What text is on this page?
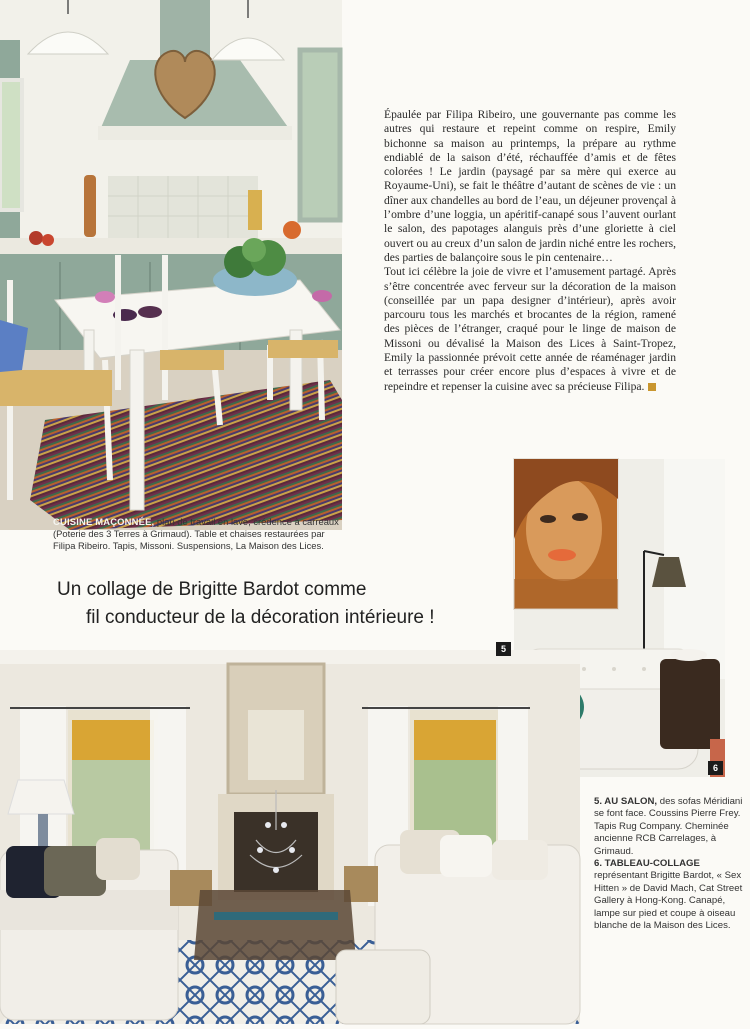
CUISINE MAÇONNÉE, plan de travail en lave, crédence à carreaux (Poterie des 3 Terres à Grimaud). Table et chaises restaurées par Filipa Ribeiro. Tapis, Missoni. Suspensions, La Maison des Lices.

Épaulée par Filipa Ribeiro, une gouvernante pas comme les autres qui restaure et repeint comme on respire, Emily bichonne sa maison au printemps, la prépare au rythme endiablé de la saison d’été, réchauffée d’amis et de fêtes colorées ! Le jardin (paysagé par sa mère qui exerce au Royaume-Uni), se fait le théâtre d’autant de scènes de vie : un dîner aux chandelles au bord de l’eau, un déjeuner provençal à l’ombre d’une loggia, un apéritif-canapé sous l’auvent ourlant le salon, des papotages alanguis près d’une gloriette à ciel ouvert ou au creux d’un salon de jardin niché entre les rochers, des parties de balançoire sous le pin centenaire…

Tout ici célèbre la joie de vivre et l’amusement partagé. Après s’être concentrée avec ferveur sur la décoration de la maison (conseillée par un papa designer d’intérieur), après avoir parcouru tous les marchés et brocantes de la région, ramené des pièces de l’étranger, craqué pour le linge de maison de Missoni ou dévalisé la Maison des Lices à Saint-Tropez, Emily la passionnée prévoit cette année de réaménager jardin et terrasses pour créer encore plus d’espaces à vivre et de repeindre et repenser la cuisine avec sa précieuse Filipa.

Un collage de Brigitte Bardot comme
fil conducteur de la décoration intérieure !
6
5
5. AU SALON, des sofas Méridiani se font face. Coussins Pierre Frey. Tapis Rug Company. Cheminée ancienne RCB Carrelages, à Grimaud.
6. TABLEAU-COLLAGE représentant Brigitte Bardot, « Sex Hitten » de David Mach, Cat Street Gallery à Hong-Kong. Canapé, lampe sur pied et coupe à oiseau blanche de la Maison des Lices.
